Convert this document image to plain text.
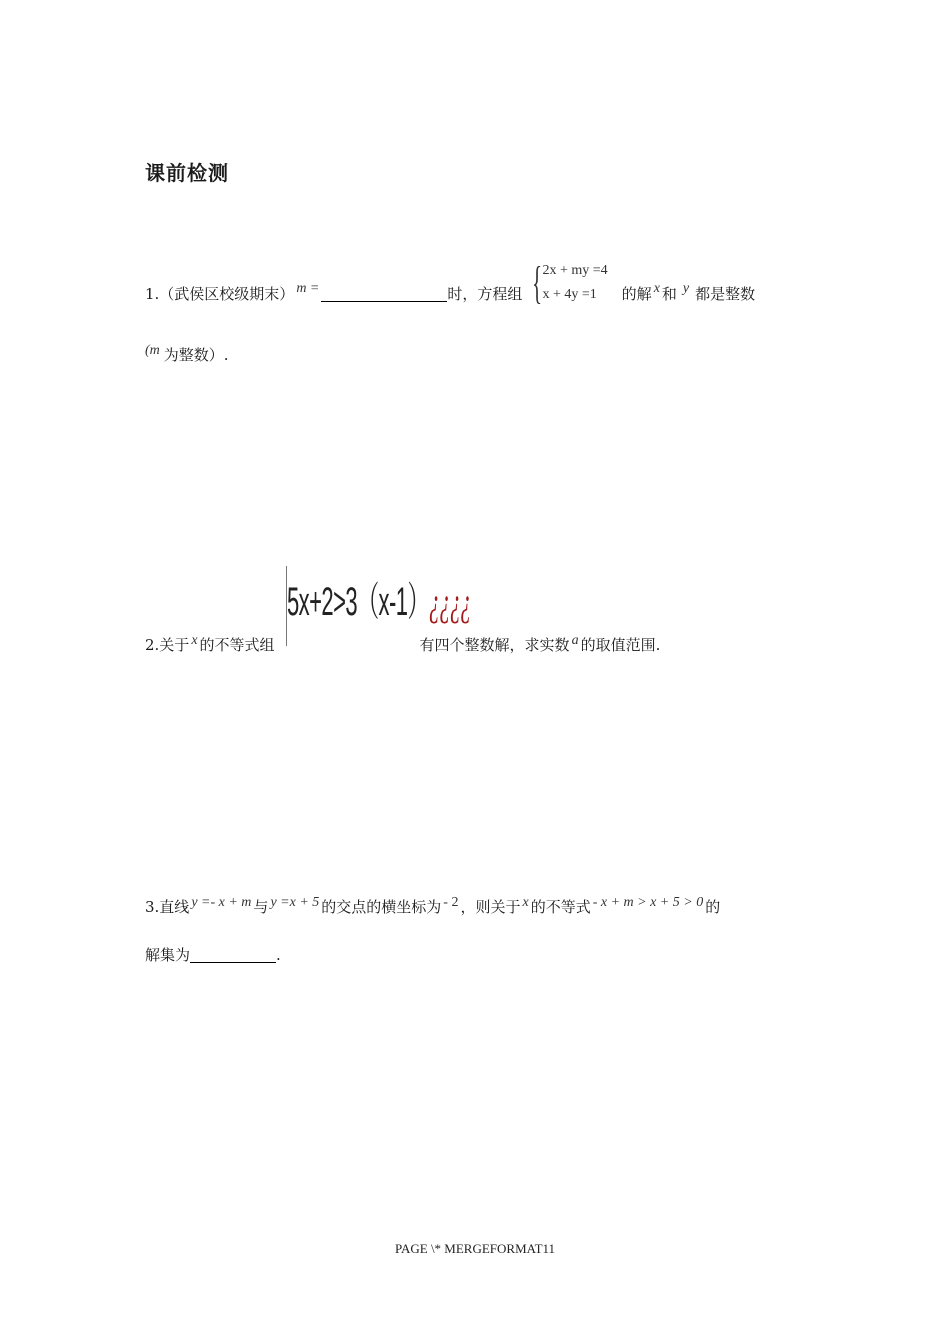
课前检测
1.（武侯区校级期末） m =	时，方程组 { 2x + my =4
x + 4y =1	的解 x 和 y 都是整数
( m 为整数）.
5x+2>3（x-1）¿¿¿¿
2.关于 x 的不等式组	有四个整数解，求实数 a 的取值范围.
3.直线 y =- x + m 与 y =x + 5 的交点的横坐标为 - 2 ，则关于 x 的不等式 - x + m > x + 5 > 0 的
解集为	.
PAGE \* MERGEFORMAT11
